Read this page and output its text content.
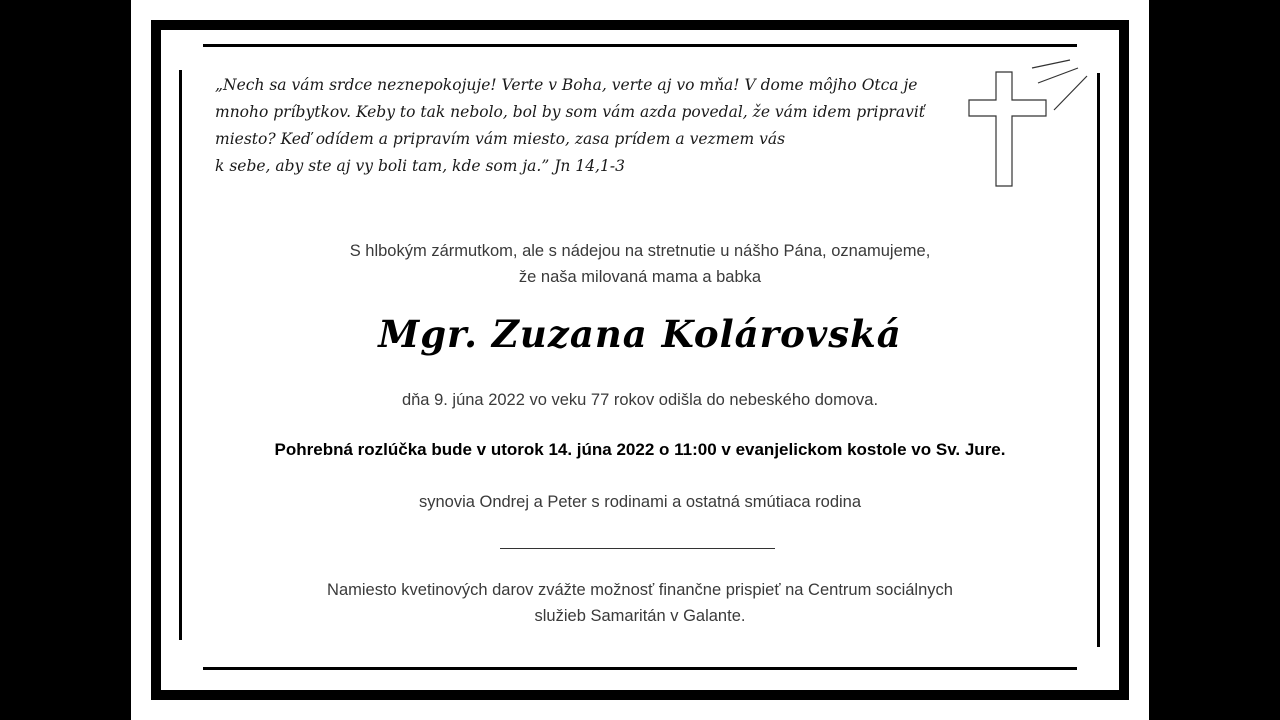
„Nech sa vám srdce neznepokojuje! Verte v Boha, verte aj vo mňa! V dome môjho Otca je
mnoho príbytkov. Keby to tak nebolo, bol by som vám azda povedal, že vám idem pripraviť
miesto? Keď odídem a pripravím vám miesto, zasa prídem a vezmem vás
k sebe, aby ste aj vy boli tam, kde som ja.” Jn 14,1-3
S hlbokým zármutkom, ale s nádejou na stretnutie u nášho Pána, oznamujeme,
že naša milovaná mama a babka
Mgr. Zuzana Kolárovská
dňa 9. júna 2022 vo veku 77 rokov odišla do nebeského domova.
Pohrebná rozlúčka bude v utorok 14. júna 2022 o 11:00 v evanjelickom kostole vo Sv. Jure.
synovia Ondrej a Peter s rodinami a ostatná smútiaca rodina
Namiesto kvetinových darov zvážte možnosť finančne prispieť na Centrum sociálnych
služieb Samaritán v Galante.
